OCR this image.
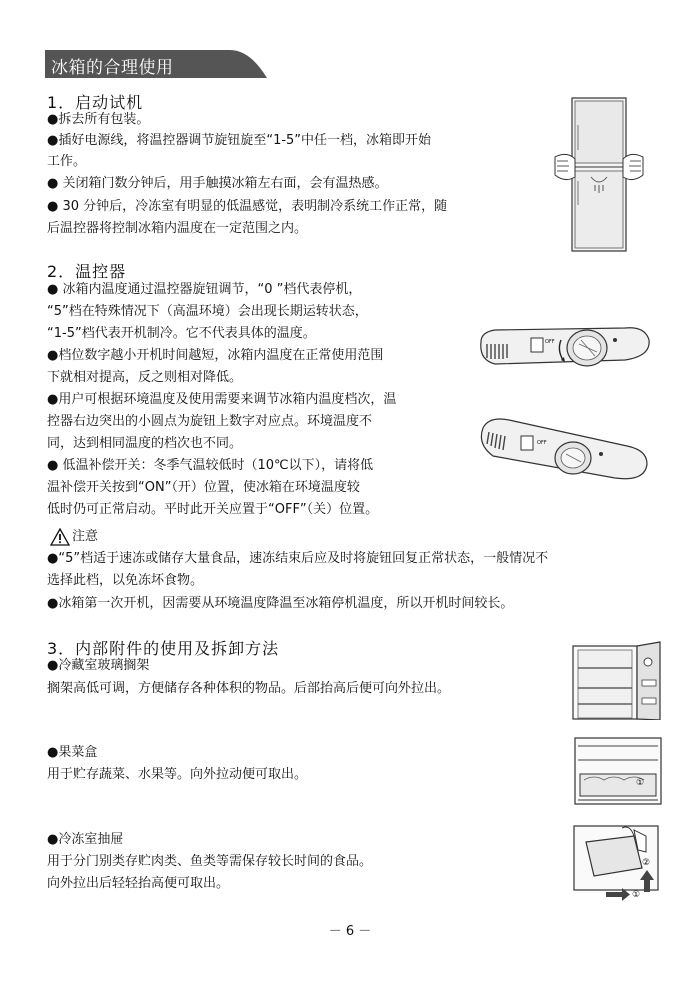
冰箱的合理使用
1．启动试机

●拆去所有包装。

●插好电源线，将温控器调节旋钮旋至“1-5”中任一档，冰箱即开始

工作。

● 关闭箱门数分钟后，用手触摸冰箱左右面，会有温热感。

● 30 分钟后，冷冻室有明显的低温感觉，表明制冷系统工作正常，随

后温控器将控制冰箱内温度在一定范围之内。

2．温控器

● 冰箱内温度通过温控器旋钮调节，“0 ”档代表停机，

“5”档在特殊情况下（高温环境）会出现长期运转状态，

“1-5”档代表开机制冷。它不代表具体的温度。

●档位数字越小开机时间越短，冰箱内温度在正常使用范围

下就相对提高，反之则相对降低。

●用户可根据环境温度及使用需要来调节冰箱内温度档次，温

控器右边突出的小圆点为旋钮上数字对应点。环境温度不

同，达到相同温度的档次也不同。

● 低温补偿开关：冬季气温较低时（10℃以下），请将低

温补偿开关按到“ON”（开）位置，使冰箱在环境温度较

低时仍可正常启动。平时此开关应置于“OFF”（关）位置。

OFF
OFF

注意

●“5”档适于速冻或储存大量食品，速冻结束后应及时将旋钮回复正常状态，一般情况不

选择此档，以免冻坏食物。

●冰箱第一次开机，因需要从环境温度降温至冰箱停机温度，所以开机时间较长。

3．内部附件的使用及拆卸方法

●冷藏室玻璃搁架

搁架高低可调，方便储存各种体积的物品。后部抬高后便可向外拉出。

●果菜盒

用于贮存蔬菜、水果等。向外拉动便可取出。

●冷冻室抽屉

用于分门别类存贮肉类、鱼类等需保存较长时间的食品。

向外拉出后轻轻抬高便可取出。

①
②
①
－ 6 －
